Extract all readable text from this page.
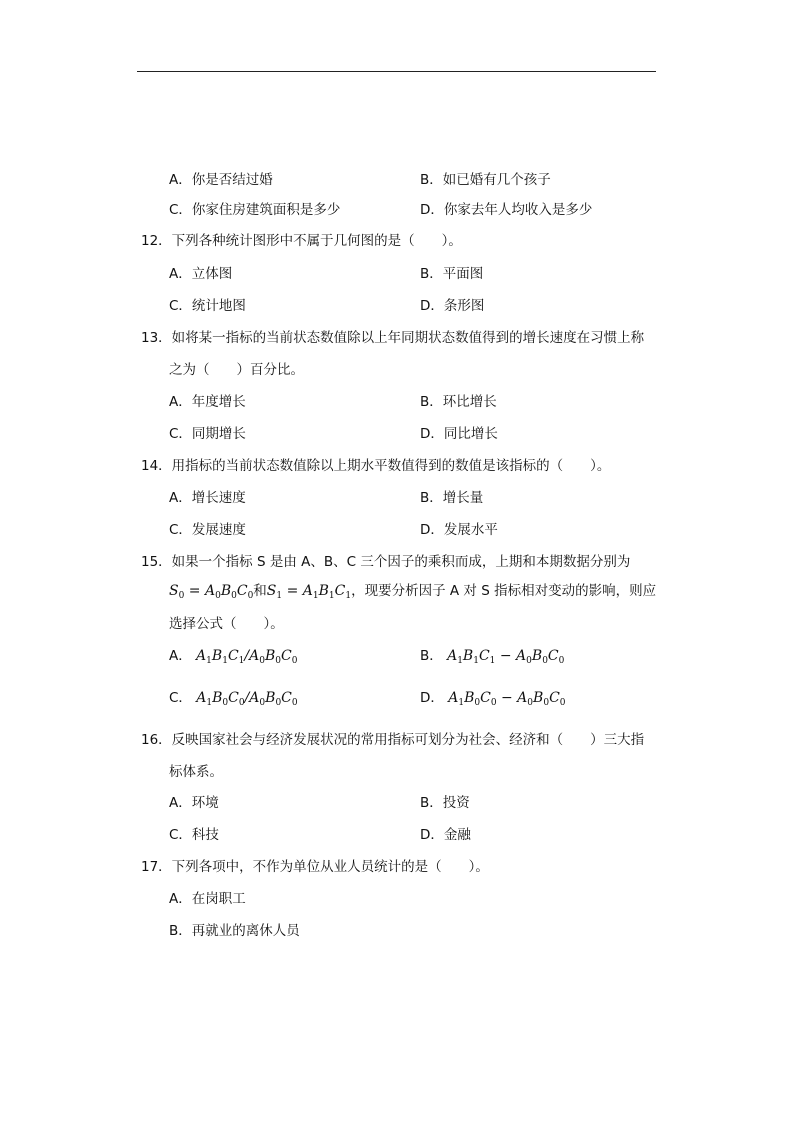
A．你是否结过婚	B．如已婚有几个孩子
C．你家住房建筑面积是多少	D．你家去年人均收入是多少
12．下列各种统计图形中不属于几何图的是（　　）。
A．立体图	B．平面图
C．统计地图	D．条形图
13．如将某一指标的当前状态数值除以上年同期状态数值得到的增长速度在习惯上称
之为（　　）百分比。
A．年度增长	B．环比增长
C．同期增长	D．同比增长
14．用指标的当前状态数值除以上期水平数值得到的数值是该指标的（　　）。
A．增长速度	B．增长量
C．发展速度	D．发展水平
15．如果一个指标 S 是由 A、B、C 三个因子的乘积而成，上期和本期数据分别为
$S_0 = A_0B_0C_0$和$S_1 = A_1B_1C_1$，现要分析因子 A 对 S 指标相对变动的影响，则应
选择公式（　　）。
A． $A_1B_1C_1/A_0B_0C_0$	B． $A_1B_1C_1 - A_0B_0C_0$
C． $A_1B_0C_0/A_0B_0C_0$	D． $A_1B_0C_0 - A_0B_0C_0$
16．反映国家社会与经济发展状况的常用指标可划分为社会、经济和（　　）三大指
标体系。
A．环境	B．投资
C．科技	D．金融
17．下列各项中，不作为单位从业人员统计的是（　　）。
A．在岗职工
B．再就业的离休人员
